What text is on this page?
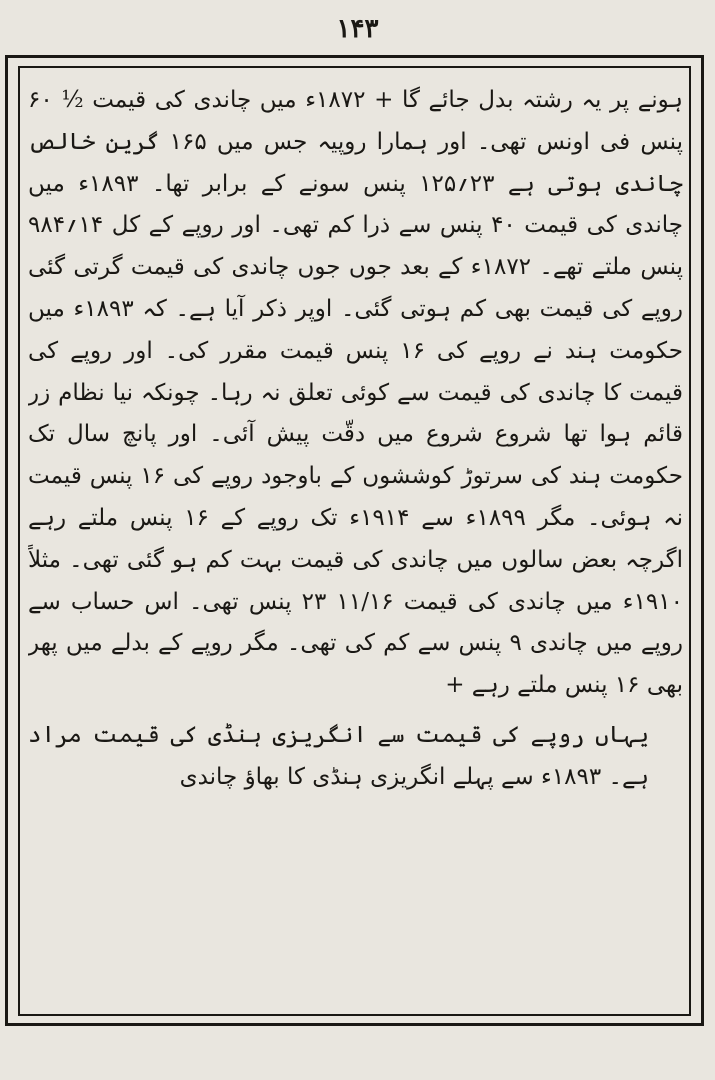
۱۴۳

ہونے پر یہ رشتہ بدل جائے گا + ۱۸۷۲ء میں چاندی کی قیمت ½ ۶۰ پنس فی اونس تھی۔ اور ہمارا روپیہ جس میں ۱۶۵ گرین خالص چاندی ہوتی ہے ۲۳؍۱۲۵ پنس سونے کے برابر تھا۔ ۱۸۹۳ء میں چاندی کی قیمت ۴۰ پنس سے ذرا کم تھی۔ اور روپے کے کل ۱۴؍۹۸۴ پنس ملتے تھے۔ ۱۸۷۲ء کے بعد جوں جوں چاندی کی قیمت گرتی گئی روپے کی قیمت بھی کم ہوتی گئی۔ اوپر ذکر آیا ہے۔ کہ ۱۸۹۳ء میں حکومت ہند نے روپے کی ۱۶ پنس قیمت مقرر کی۔ اور روپے کی قیمت کا چاندی کی قیمت سے کوئی تعلق نہ رہا۔ چونکہ نیا نظام زر قائم ہوا تھا شروع شروع میں دقّت پیش آئی۔ اور پانچ سال تک حکومت ہند کی سرتوڑ کوششوں کے باوجود روپے کی ۱۶ پنس قیمت نہ ہوئی۔ مگر ۱۸۹۹ء سے ۱۹۱۴ء تک روپے کے ۱۶ پنس ملتے رہے اگرچہ بعض سالوں میں چاندی کی قیمت بہت کم ہو گئی تھی۔ مثلاً ۱۹۱۰ء میں چاندی کی قیمت ۱۱/۱۶ ۲۳ پنس تھی۔ اس حساب سے روپے میں چاندی ۹ پنس سے کم کی تھی۔ مگر روپے کے بدلے میں پھر بھی ۱۶ پنس ملتے رہے +

یہاں روپے کی قیمت سے انگریزی ہنڈی کی قیمت مراد ہے۔ ۱۸۹۳ء سے پہلے انگریزی ہنڈی کا بھاؤ چاندی
